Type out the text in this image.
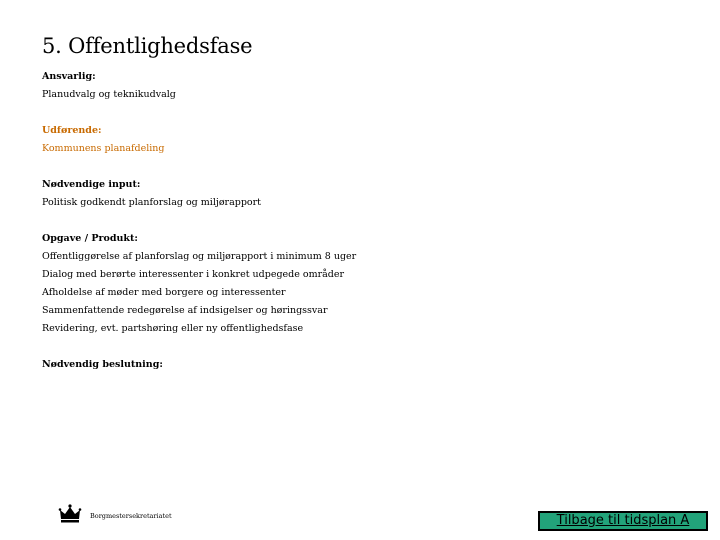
5. Offentlighedsfase
Ansvarlig:
Planudvalg og teknikudvalg
Udførende:
Kommunens planafdeling
Nødvendige input:
Politisk godkendt planforslag og miljørapport
Opgave / Produkt:
Offentliggørelse af planforslag og miljørapport i minimum 8 uger
Dialog med berørte interessenter i konkret udpegede områder
Afholdelse af møder med borgere og interessenter
Sammenfattende redegørelse af indsigelser og høringssvar
Revidering, evt. partshøring eller ny offentlighedsfase
Nødvendig beslutning:
Borgmestersekretariatet	Tilbage til tidsplan A
